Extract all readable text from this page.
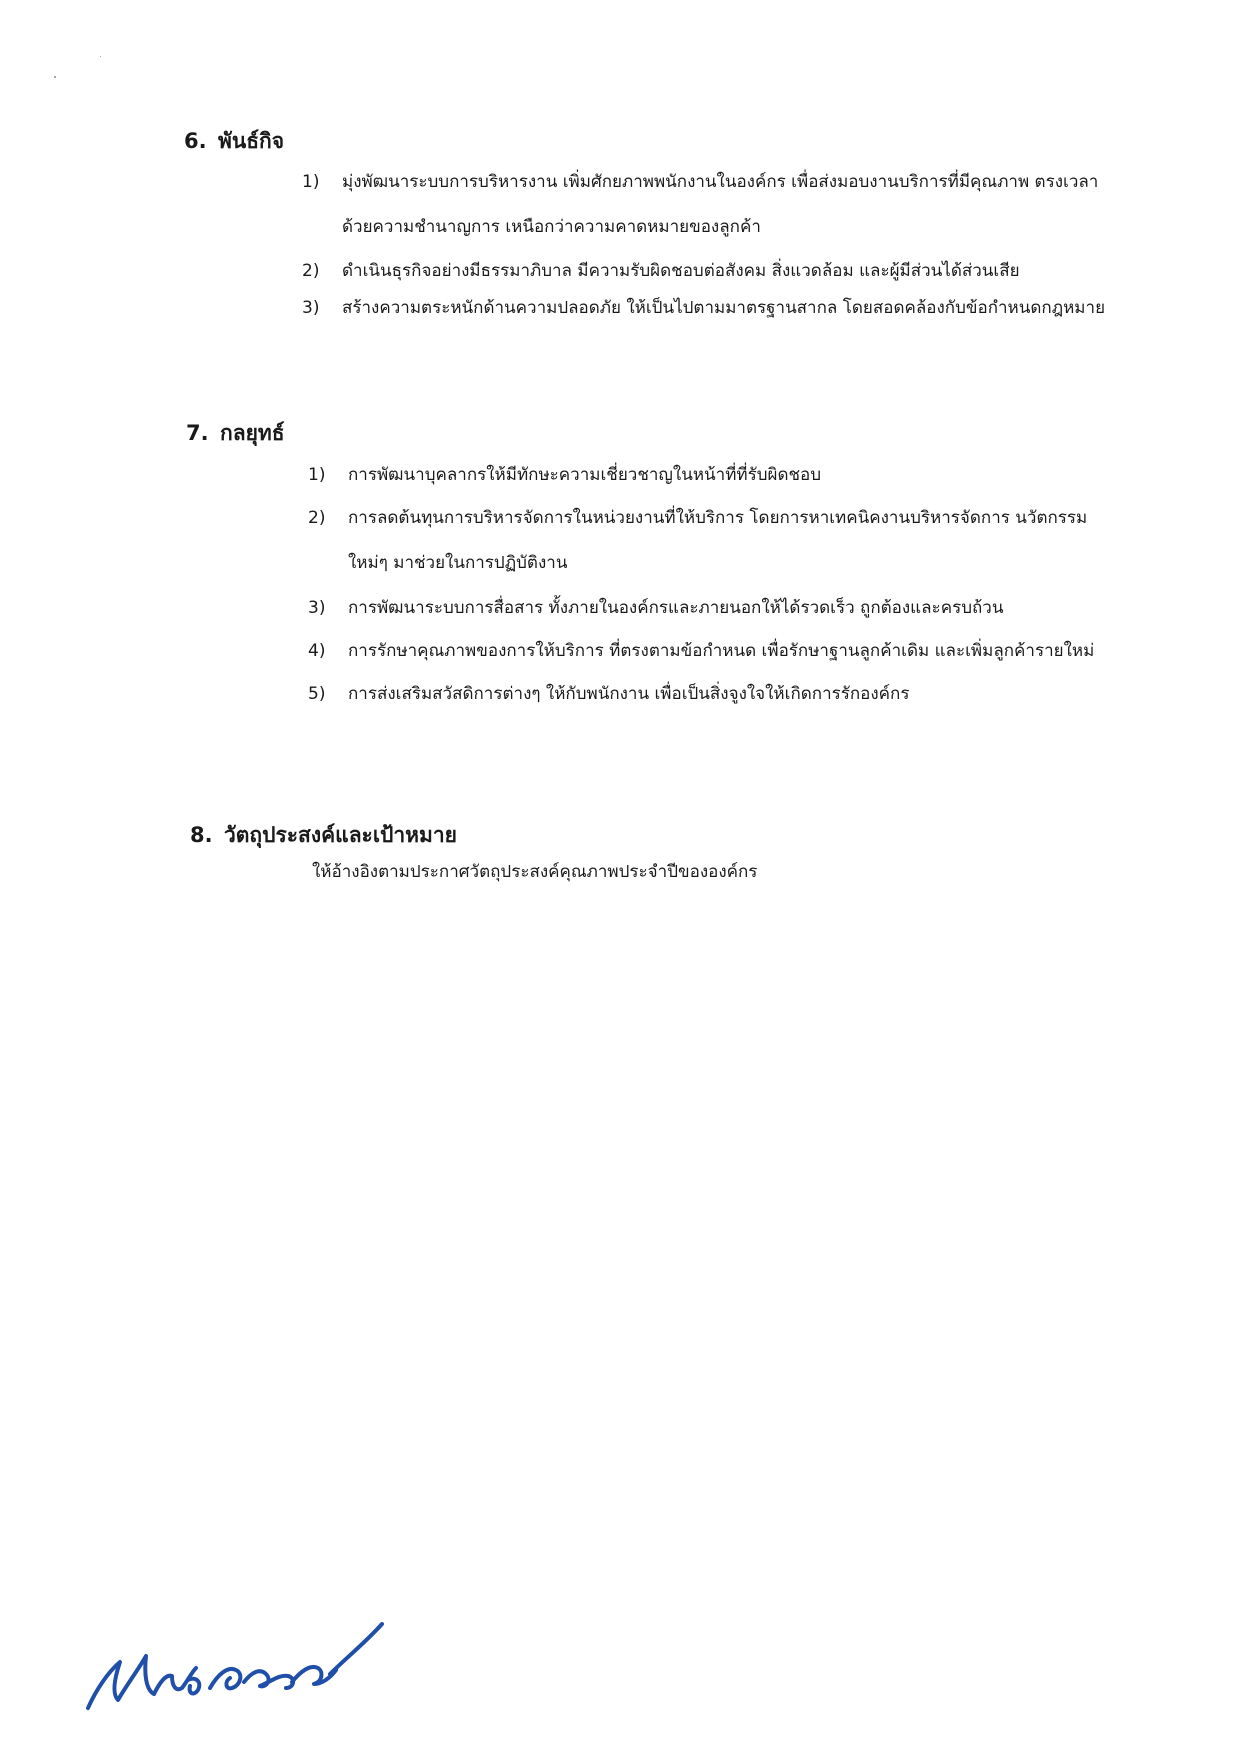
6. พันธ์กิจ
1) มุ่งพัฒนาระบบการบริหารงาน เพิ่มศักยภาพพนักงานในองค์กร เพื่อส่งมอบงานบริการที่มีคุณภาพ ตรงเวลา
ด้วยความชำนาญการ เหนือกว่าความคาดหมายของลูกค้า
2) ดำเนินธุรกิจอย่างมีธรรมาภิบาล มีความรับผิดชอบต่อสังคม สิ่งแวดล้อม และผู้มีส่วนได้ส่วนเสีย
3) สร้างความตระหนักด้านความปลอดภัย ให้เป็นไปตามมาตรฐานสากล โดยสอดคล้องกับข้อกำหนดกฎหมาย
7. กลยุทธ์
1) การพัฒนาบุคลากรให้มีทักษะความเชี่ยวชาญในหน้าที่ที่รับผิดชอบ
2) การลดต้นทุนการบริหารจัดการในหน่วยงานที่ให้บริการ โดยการหาเทคนิคงานบริหารจัดการ นวัตกรรม
ใหม่ๆ มาช่วยในการปฏิบัติงาน
3) การพัฒนาระบบการสื่อสาร ทั้งภายในองค์กรและภายนอกให้ได้รวดเร็ว ถูกต้องและครบถ้วน
4) การรักษาคุณภาพของการให้บริการ ที่ตรงตามข้อกำหนด เพื่อรักษาฐานลูกค้าเดิม และเพิ่มลูกค้ารายใหม่
5) การส่งเสริมสวัสดิการต่างๆ ให้กับพนักงาน เพื่อเป็นสิ่งจูงใจให้เกิดการรักองค์กร
8. วัตถุประสงค์และเป้าหมาย
ให้อ้างอิงตามประกาศวัตถุประสงค์คุณภาพประจำปีขององค์กร
